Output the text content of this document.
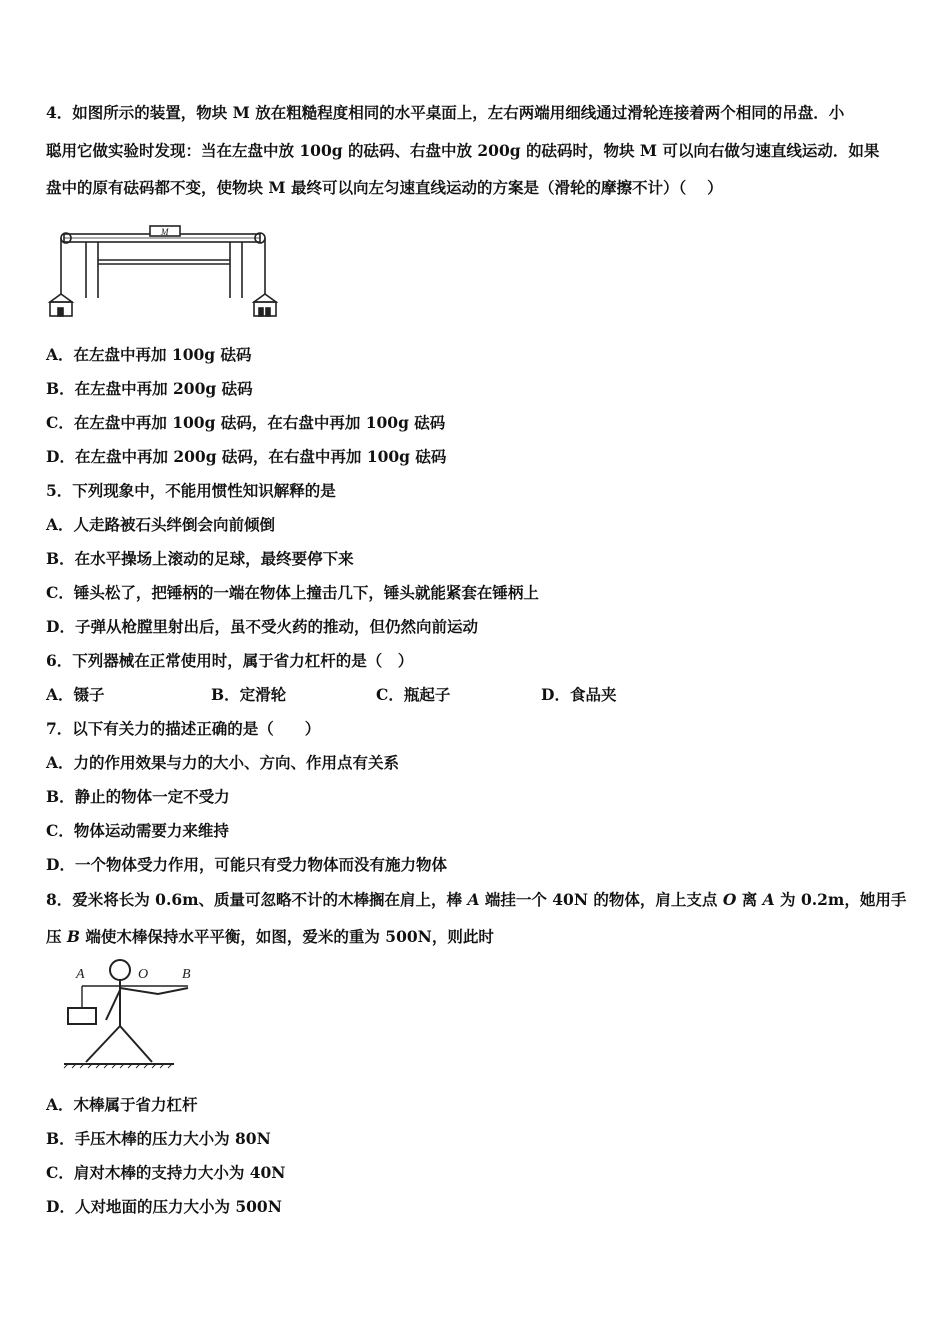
4．如图所示的装置，物块 M 放在粗糙程度相同的水平桌面上，左右两端用细线通过滑轮连接着两个相同的吊盘．小
聪用它做实验时发现：当在左盘中放 100g 的砝码、右盘中放 200g 的砝码时，物块 M 可以向右做匀速直线运动．如果
盘中的原有砝码都不变，使物块 M 最终可以向左匀速直线运动的方案是（滑轮的摩擦不计）（　 ）
M
A．在左盘中再加 100g 砝码
B．在左盘中再加 200g 砝码
C．在左盘中再加 100g 砝码，在右盘中再加 100g 砝码
D．在左盘中再加 200g 砝码，在右盘中再加 100g 砝码
5．下列现象中，不能用惯性知识解释的是
A．人走路被石头绊倒会向前倾倒
B．在水平操场上滚动的足球，最终要停下来
C．锤头松了，把锤柄的一端在物体上撞击几下，锤头就能紧套在锤柄上
D．子弹从枪膛里射出后，虽不受火药的推动，但仍然向前运动
6．下列器械在正常使用时，属于省力杠杆的是（　）
A．镊子	B．定滑轮	C．瓶起子	D．食品夹
7．以下有关力的描述正确的是（　　）
A．力的作用效果与力的大小、方向、作用点有关系
B．静止的物体一定不受力
C．物体运动需要力来维持
D．一个物体受力作用，可能只有受力物体而没有施力物体
8．爱米将长为 0.6m、质量可忽略不计的木棒搁在肩上，棒 A 端挂一个 40N 的物体，肩上支点 O 离 A 为 0.2m，她用手
压 B 端使木棒保持水平平衡，如图，爱米的重为 500N，则此时
A	O B
A．木棒属于省力杠杆
B．手压木棒的压力大小为 80N
C．肩对木棒的支持力大小为 40N
D．人对地面的压力大小为 500N
